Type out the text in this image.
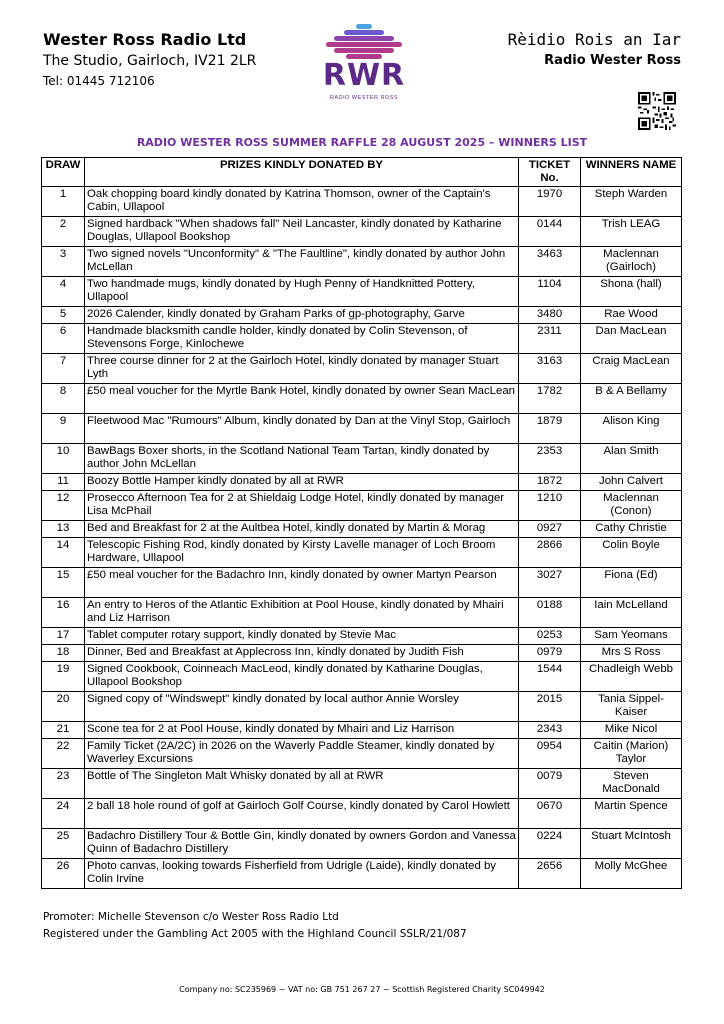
Wester Ross Radio Ltd
The Studio, Gairloch, IV21 2LR
Tel: 01445 712106	RWR
RADIO WESTER ROSS
Rèidio Rois an Iar
Radio Wester Ross
RADIO WESTER ROSS SUMMER RAFFLE 28 AUGUST 2025 – WINNERS LIST
DRAW	PRIZES KINDLY DONATED BY	TICKET No.	WINNERS NAME
1	Oak chopping board kindly donated by Katrina Thomson, owner of the Captain's Cabin, Ullapool	1970	Steph Warden
2	Signed hardback "When shadows fall" Neil Lancaster, kindly donated by Katharine Douglas, Ullapool Bookshop	0144	Trish LEAG
3	Two signed novels "Unconformity" & "The Faultline", kindly donated by author John McLellan	3463	Maclennan (Gairloch)
4	Two handmade mugs, kindly donated by Hugh Penny of Handknitted Pottery, Ullapool	1104	Shona (hall)
5	2026 Calender, kindly donated by Graham Parks of gp-photography, Garve	3480	Rae Wood
6	Handmade blacksmith candle holder, kindly donated by Colin Stevenson, of Stevensons Forge, Kinlochewe	2311	Dan MacLean
7	Three course dinner for 2 at the Gairloch Hotel, kindly donated by manager Stuart Lyth	3163	Craig MacLean
8	£50 meal voucher for the Myrtle Bank Hotel, kindly donated by owner Sean MacLean	1782	B & A Bellamy
9	Fleetwood Mac "Rumours" Album, kindly donated by Dan at the Vinyl Stop, Gairloch	1879	Alison King
10	BawBags Boxer shorts, in the Scotland National Team Tartan, kindly donated by author John McLellan	2353	Alan Smith
11	Boozy Bottle Hamper kindly donated by all at RWR	1872	John Calvert
12	Prosecco Afternoon Tea for 2 at Shieldaig Lodge Hotel, kindly donated by manager Lisa McPhail	1210	Maclennan (Conon)
13	Bed and Breakfast for 2 at the Aultbea Hotel, kindly donated by Martin & Morag	0927	Cathy Christie
14	Telescopic Fishing Rod, kindly donated by Kirsty Lavelle manager of Loch Broom Hardware, Ullapool	2866	Colin Boyle
15	£50 meal voucher for the Badachro Inn, kindly donated by owner Martyn Pearson	3027	Fiona (Ed)
16	An entry to Heros of the Atlantic Exhibition at Pool House, kindly donated by Mhairi and Liz Harrison	0188	Iain McLelland
17	Tablet computer rotary support, kindly donated by Stevie Mac	0253	Sam Yeomans
18	Dinner, Bed and Breakfast at Applecross Inn, kindly donated by Judith Fish	0979	Mrs S Ross
19	Signed Cookbook, Coinneach MacLeod, kindly donated by Katharine Douglas, Ullapool Bookshop	1544	Chadleigh Webb
20	Signed copy of "Windswept" kindly donated by local author Annie Worsley	2015	Tania Sippel-Kaiser
21	Scone tea for 2 at Pool House, kindly donated by Mhairi and Liz Harrison	2343	Mike Nicol
22	Family Ticket (2A/2C) in 2026 on the Waverly Paddle Steamer, kindly donated by Waverley Excursions	0954	Caitin (Marion) Taylor
23	Bottle of The Singleton Malt Whisky donated by all at RWR	0079	Steven MacDonald
24	2 ball 18 hole round of golf at Gairloch Golf Course, kindly donated by Carol Howlett	0670	Martin Spence
25	Badachro Distillery Tour & Bottle Gin, kindly donated by owners Gordon and Vanessa Quinn of Badachro Distillery	0224	Stuart McIntosh
26	Photo canvas, looking towards Fisherfield from Udrigle (Laide), kindly donated by Colin Irvine	2656	Molly McGhee
Promoter: Michelle Stevenson c/o Wester Ross Radio Ltd
Registered under the Gambling Act 2005 with the Highland Council SSLR/21/087
Company no: SC235969 ~ VAT no: GB 751 267 27 ~ Scottish Registered Charity SC049942
